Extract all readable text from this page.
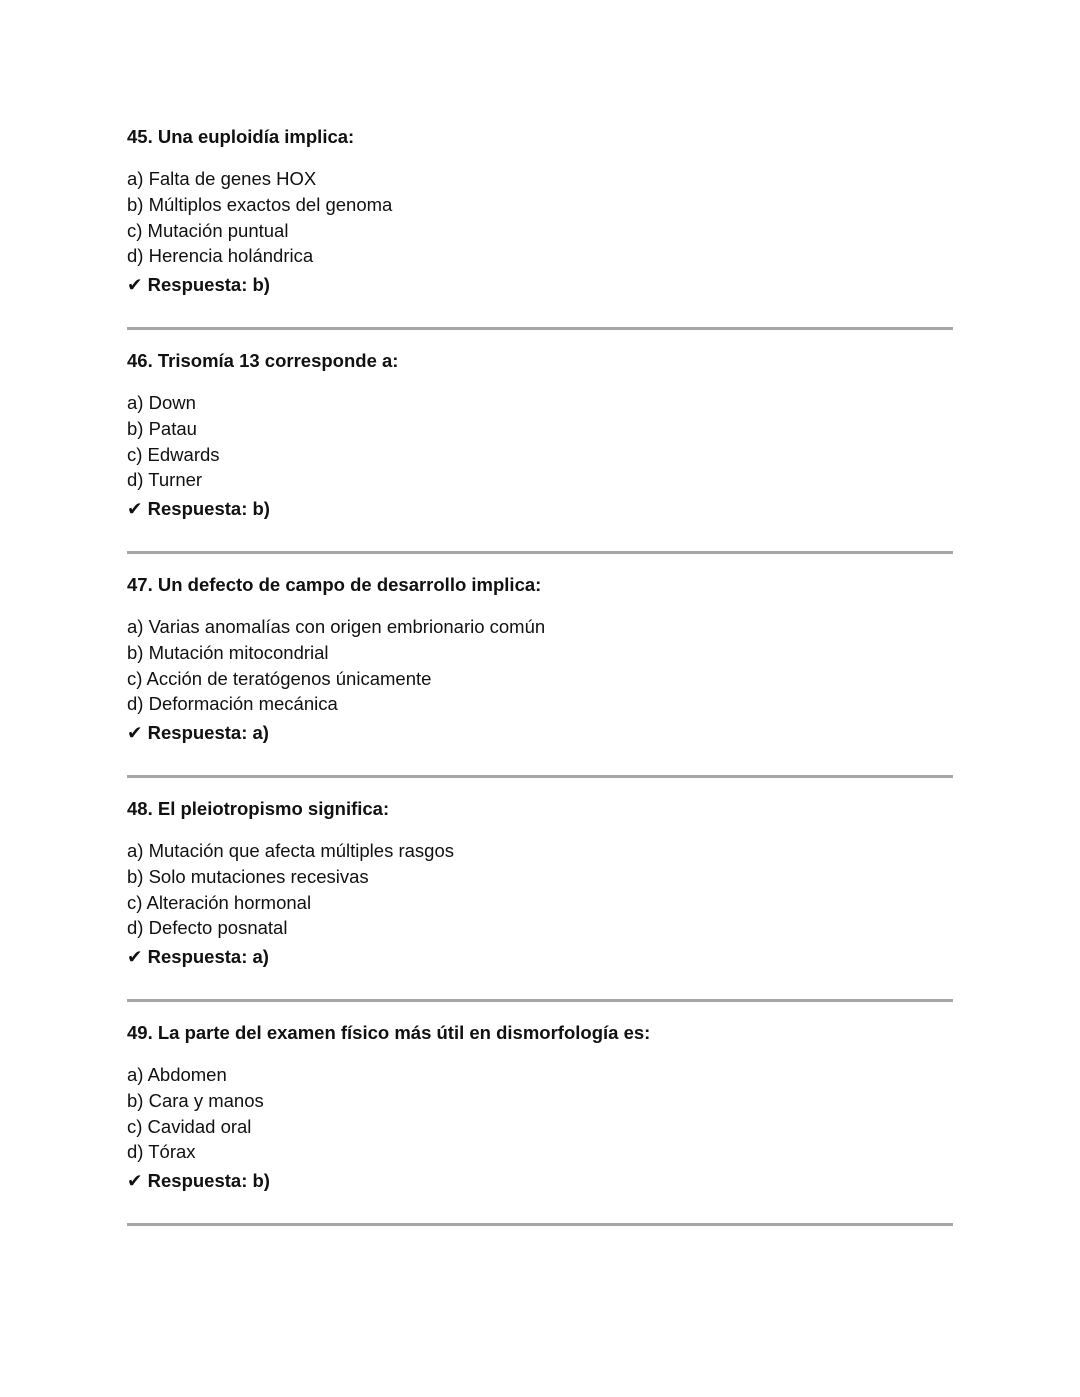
45. Una euploidía implica:

a) Falta de genes HOX
b) Múltiplos exactos del genoma
c) Mutación puntual
d) Herencia holándrica
✔ Respuesta: b)

46. Trisomía 13 corresponde a:

a) Down
b) Patau
c) Edwards
d) Turner
✔ Respuesta: b)

47. Un defecto de campo de desarrollo implica:

a) Varias anomalías con origen embrionario común
b) Mutación mitocondrial
c) Acción de teratógenos únicamente
d) Deformación mecánica
✔ Respuesta: a)

48. El pleiotropismo significa:

a) Mutación que afecta múltiples rasgos
b) Solo mutaciones recesivas
c) Alteración hormonal
d) Defecto posnatal
✔ Respuesta: a)

49. La parte del examen físico más útil en dismorfología es:

a) Abdomen
b) Cara y manos
c) Cavidad oral
d) Tórax
✔ Respuesta: b)
